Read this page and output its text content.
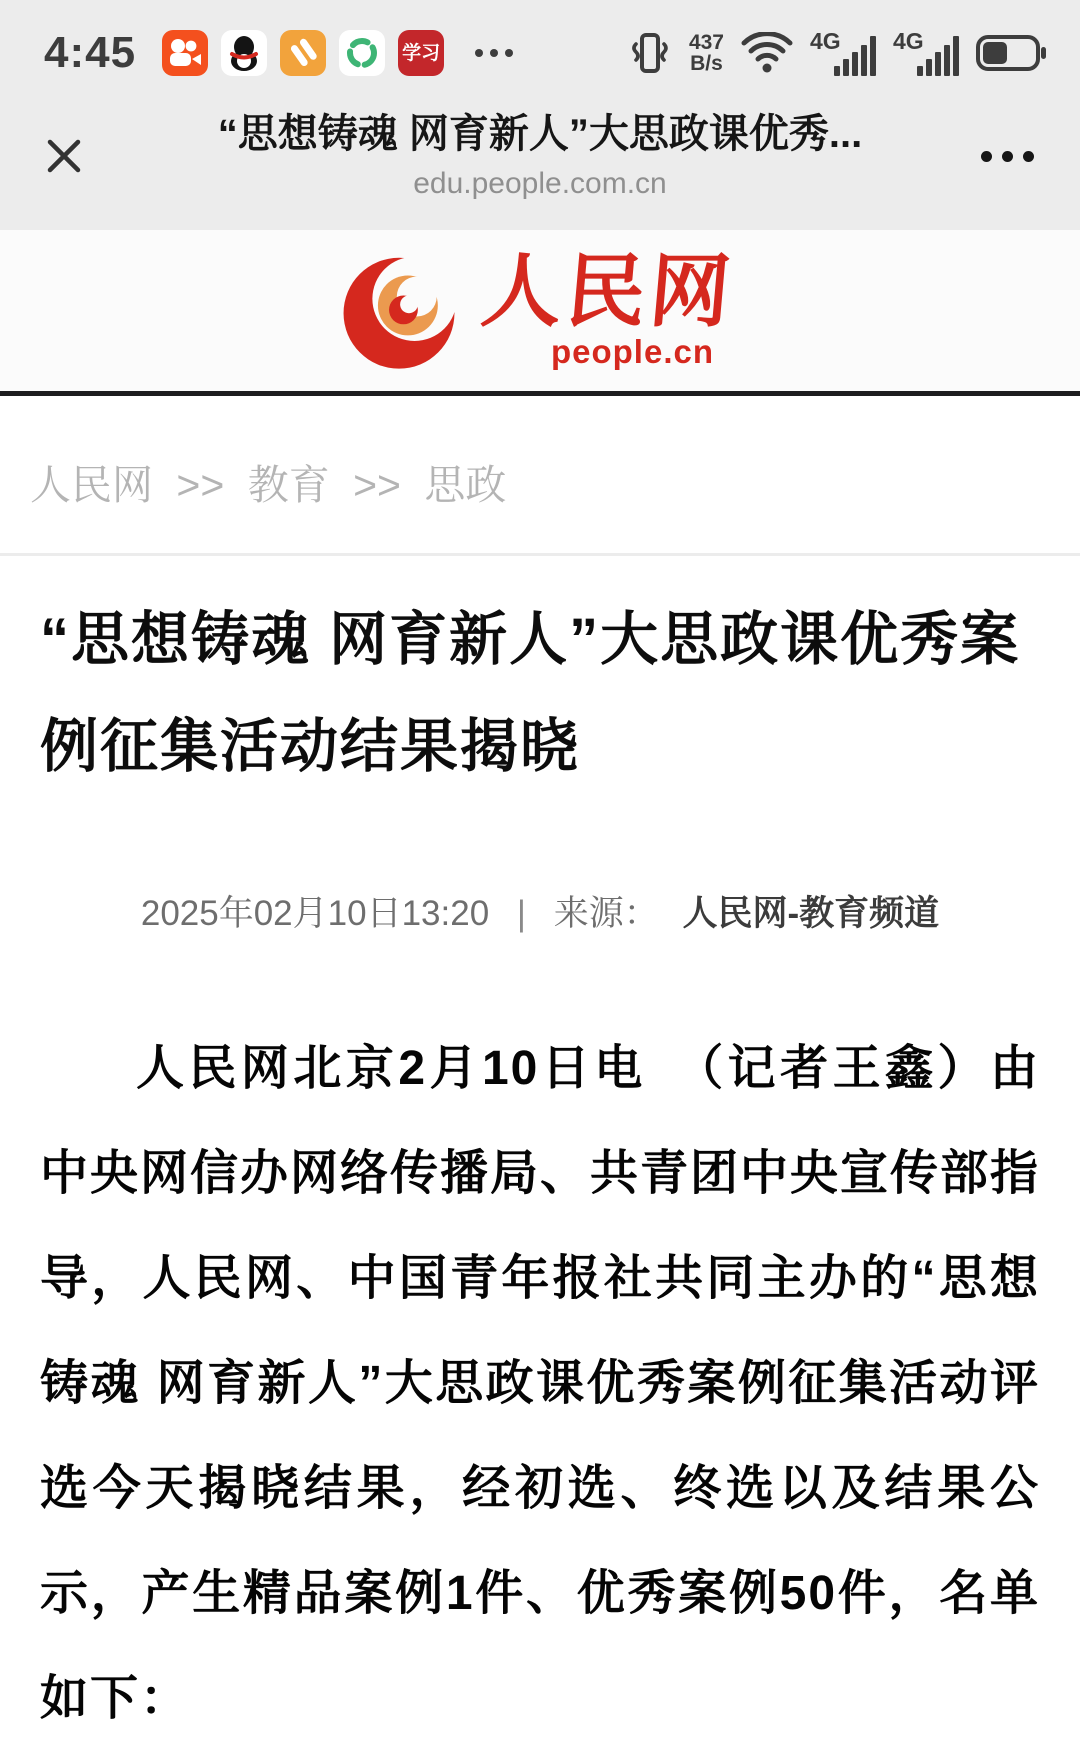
4:45	学习	437
B/s
4G 4G
“思想铸魂 网育新人”大思政课优秀...
edu.people.com.cn
人民网
people.cn
人民网 >> 教育 >> 思政
“思想铸魂 网育新人”大思政课优秀案例征集活动结果揭晓
2025年02月10日13:20 | 来源： 人民网-教育频道

人民网北京2月10日电　（记者王鑫）由中央网信办网络传播局、共青团中央宣传部指导，人民网、中国青年报社共同主办的“思想铸魂 网育新人”大思政课优秀案例征集活动评选今天揭晓结果，经初选、终选以及结果公示，产生精品案例1件、优秀案例50件，名单如下：
